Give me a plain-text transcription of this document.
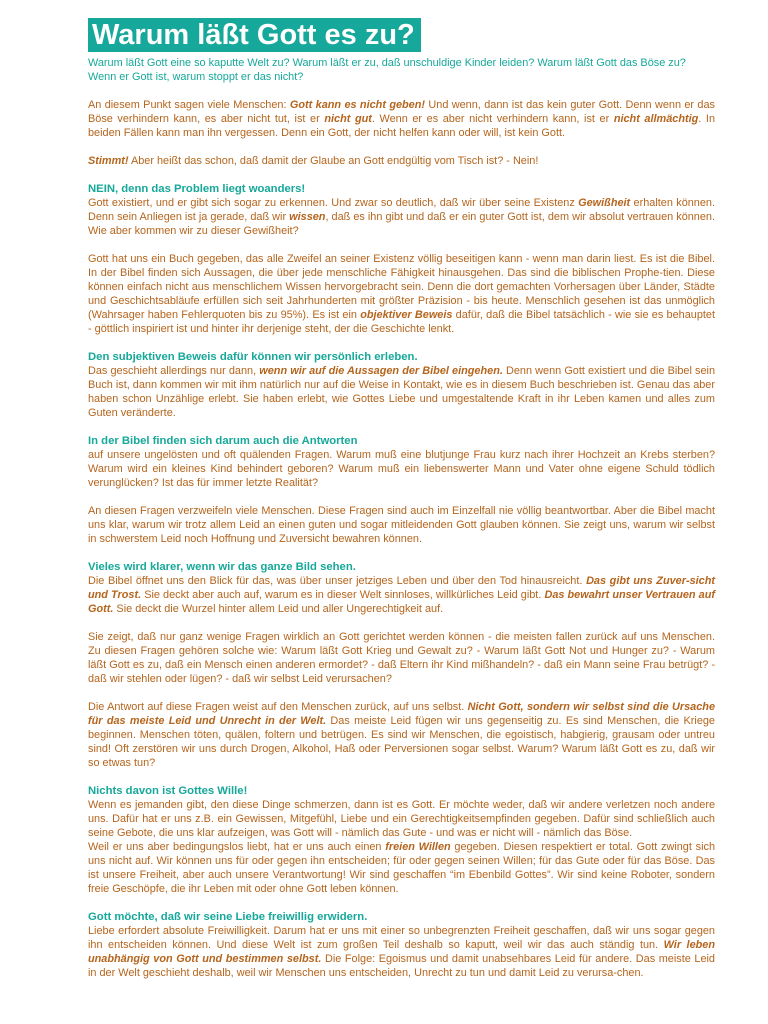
Warum läßt Gott es zu?

Warum läßt Gott eine so kaputte Welt zu? Warum läßt er zu, daß unschuldige Kinder leiden? Warum läßt Gott das Böse zu? Wenn er Gott ist, warum stoppt er das nicht?

An diesem Punkt sagen viele Menschen: Gott kann es nicht geben! Und wenn, dann ist das kein guter Gott. Denn wenn er das Böse verhindern kann, es aber nicht tut, ist er nicht gut. Wenn er es aber nicht verhindern kann, ist er nicht allmächtig. In beiden Fällen kann man ihn vergessen. Denn ein Gott, der nicht helfen kann oder will, ist kein Gott.

Stimmt! Aber heißt das schon, daß damit der Glaube an Gott endgültig vom Tisch ist? - Nein!

NEIN, denn das Problem liegt woanders!

Gott existiert, und er gibt sich sogar zu erkennen. Und zwar so deutlich, daß wir über seine Existenz Gewißheit erhalten können. Denn sein Anliegen ist ja gerade, daß wir wissen, daß es ihn gibt und daß er ein guter Gott ist, dem wir absolut vertrauen können. Wie aber kommen wir zu dieser Gewißheit?

Gott hat uns ein Buch gegeben, das alle Zweifel an seiner Existenz völlig beseitigen kann - wenn man darin liest. Es ist die Bibel. In der Bibel finden sich Aussagen, die über jede menschliche Fähigkeit hinausgehen. Das sind die biblischen Prophe-tien. Diese können einfach nicht aus menschlichem Wissen hervorgebracht sein. Denn die dort gemachten Vorhersagen über Länder, Städte und Geschichtsabläufe erfüllen sich seit Jahrhunderten mit größter Präzision - bis heute. Menschlich gesehen ist das unmöglich (Wahrsager haben Fehlerquoten bis zu 95%). Es ist ein objektiver Beweis dafür, daß die Bibel tatsächlich - wie sie es behauptet - göttlich inspiriert ist und hinter ihr derjenige steht, der die Geschichte lenkt.

Den subjektiven Beweis dafür können wir persönlich erleben.

Das geschieht allerdings nur dann, wenn wir auf die Aussagen der Bibel eingehen. Denn wenn Gott existiert und die Bibel sein Buch ist, dann kommen wir mit ihm natürlich nur auf die Weise in Kontakt, wie es in diesem Buch beschrieben ist. Genau das aber haben schon Unzählige erlebt. Sie haben erlebt, wie Gottes Liebe und umgestaltende Kraft in ihr Leben kamen und alles zum Guten veränderte.

In der Bibel finden sich darum auch die Antworten

auf unsere ungelösten und oft quälenden Fragen. Warum muß eine blutjunge Frau kurz nach ihrer Hochzeit an Krebs sterben? Warum wird ein kleines Kind behindert geboren? Warum muß ein liebenswerter Mann und Vater ohne eigene Schuld tödlich verunglücken? Ist das für immer letzte Realität?

An diesen Fragen verzweifeln viele Menschen. Diese Fragen sind auch im Einzelfall nie völlig beantwortbar. Aber die Bibel macht uns klar, warum wir trotz allem Leid an einen guten und sogar mitleidenden Gott glauben können. Sie zeigt uns, warum wir selbst in schwerstem Leid noch Hoffnung und Zuversicht bewahren können.

Vieles wird klarer, wenn wir das ganze Bild sehen.

Die Bibel öffnet uns den Blick für das, was über unser jetziges Leben und über den Tod hinausreicht. Das gibt uns Zuver-sicht und Trost. Sie deckt aber auch auf, warum es in dieser Welt sinnloses, willkürliches Leid gibt. Das bewahrt unser Vertrauen auf Gott. Sie deckt die Wurzel hinter allem Leid und aller Ungerechtigkeit auf.

Sie zeigt, daß nur ganz wenige Fragen wirklich an Gott gerichtet werden können - die meisten fallen zurück auf uns Menschen. Zu diesen Fragen gehören solche wie: Warum läßt Gott Krieg und Gewalt zu? - Warum läßt Gott Not und Hunger zu? - Warum läßt Gott es zu, daß ein Mensch einen anderen ermordet? - daß Eltern ihr Kind mißhandeln? - daß ein Mann seine Frau betrügt? - daß wir stehlen oder lügen? - daß wir selbst Leid verursachen?

Die Antwort auf diese Fragen weist auf den Menschen zurück, auf uns selbst. Nicht Gott, sondern wir selbst sind die Ursache für das meiste Leid und Unrecht in der Welt. Das meiste Leid fügen wir uns gegenseitig zu. Es sind Menschen, die Kriege beginnen. Menschen töten, quälen, foltern und betrügen. Es sind wir Menschen, die egoistisch, habgierig, grausam oder untreu sind! Oft zerstören wir uns durch Drogen, Alkohol, Haß oder Perversionen sogar selbst. Warum? Warum läßt Gott es zu, daß wir so etwas tun?

Nichts davon ist Gottes Wille!

Wenn es jemanden gibt, den diese Dinge schmerzen, dann ist es Gott. Er möchte weder, daß wir andere verletzen noch andere uns. Dafür hat er uns z.B. ein Gewissen, Mitgefühl, Liebe und ein Gerechtigkeitsempfinden gegeben. Dafür sind schließlich auch seine Gebote, die uns klar aufzeigen, was Gott will - nämlich das Gute - und was er nicht will - nämlich das Böse.

Weil er uns aber bedingungslos liebt, hat er uns auch einen freien Willen gegeben. Diesen respektiert er total. Gott zwingt sich uns nicht auf. Wir können uns für oder gegen ihn entscheiden; für oder gegen seinen Willen; für das Gute oder für das Böse. Das ist unsere Freiheit, aber auch unsere Verantwortung! Wir sind geschaffen “im Ebenbild Gottes”. Wir sind keine Roboter, sondern freie Geschöpfe, die ihr Leben mit oder ohne Gott leben können.

Gott möchte, daß wir seine Liebe freiwillig erwidern.

Liebe erfordert absolute Freiwilligkeit. Darum hat er uns mit einer so unbegrenzten Freiheit geschaffen, daß wir uns sogar gegen ihn entscheiden können. Und diese Welt ist zum großen Teil deshalb so kaputt, weil wir das auch ständig tun. Wir leben unabhängig von Gott und bestimmen selbst. Die Folge: Egoismus und damit unabsehbares Leid für andere. Das meiste Leid in der Welt geschieht deshalb, weil wir Menschen uns entscheiden, Unrecht zu tun und damit Leid zu verursa-chen.
